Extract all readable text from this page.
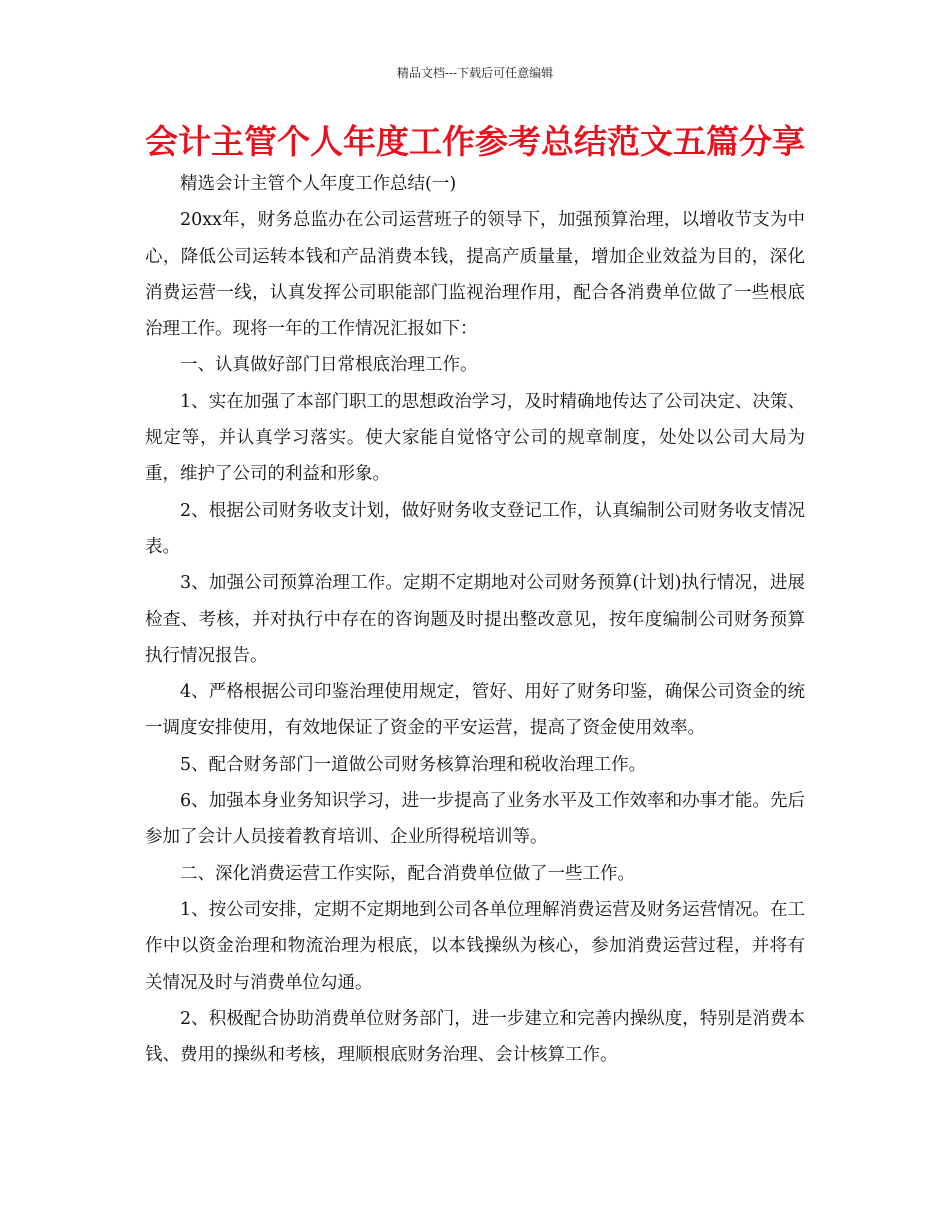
精品文档---下载后可任意编辑
会计主管个人年度工作参考总结范文五篇分享

精选会计主管个人年度工作总结(一)

20xx年，财务总监办在公司运营班子的领导下，加强预算治理，以增收节支为中心，降低公司运转本钱和产品消费本钱，提高产质量量，增加企业效益为目的，深化消费运营一线，认真发挥公司职能部门监视治理作用，配合各消费单位做了一些根底治理工作。现将一年的工作情况汇报如下：

一、认真做好部门日常根底治理工作。

1、实在加强了本部门职工的思想政治学习，及时精确地传达了公司决定、决策、规定等，并认真学习落实。使大家能自觉恪守公司的规章制度，处处以公司大局为重，维护了公司的利益和形象。

2、根据公司财务收支计划，做好财务收支登记工作，认真编制公司财务收支情况表。

3、加强公司预算治理工作。定期不定期地对公司财务预算(计划)执行情况，进展检查、考核，并对执行中存在的咨询题及时提出整改意见，按年度编制公司财务预算执行情况报告。

4、严格根据公司印鉴治理使用规定，管好、用好了财务印鉴，确保公司资金的统一调度安排使用，有效地保证了资金的平安运营，提高了资金使用效率。

5、配合财务部门一道做公司财务核算治理和税收治理工作。

6、加强本身业务知识学习，进一步提高了业务水平及工作效率和办事才能。先后参加了会计人员接着教育培训、企业所得税培训等。

二、深化消费运营工作实际，配合消费单位做了一些工作。

1、按公司安排，定期不定期地到公司各单位理解消费运营及财务运营情况。在工作中以资金治理和物流治理为根底，以本钱操纵为核心，参加消费运营过程，并将有关情况及时与消费单位勾通。

2、积极配合协助消费单位财务部门，进一步建立和完善内操纵度，特别是消费本钱、费用的操纵和考核，理顺根底财务治理、会计核算工作。
